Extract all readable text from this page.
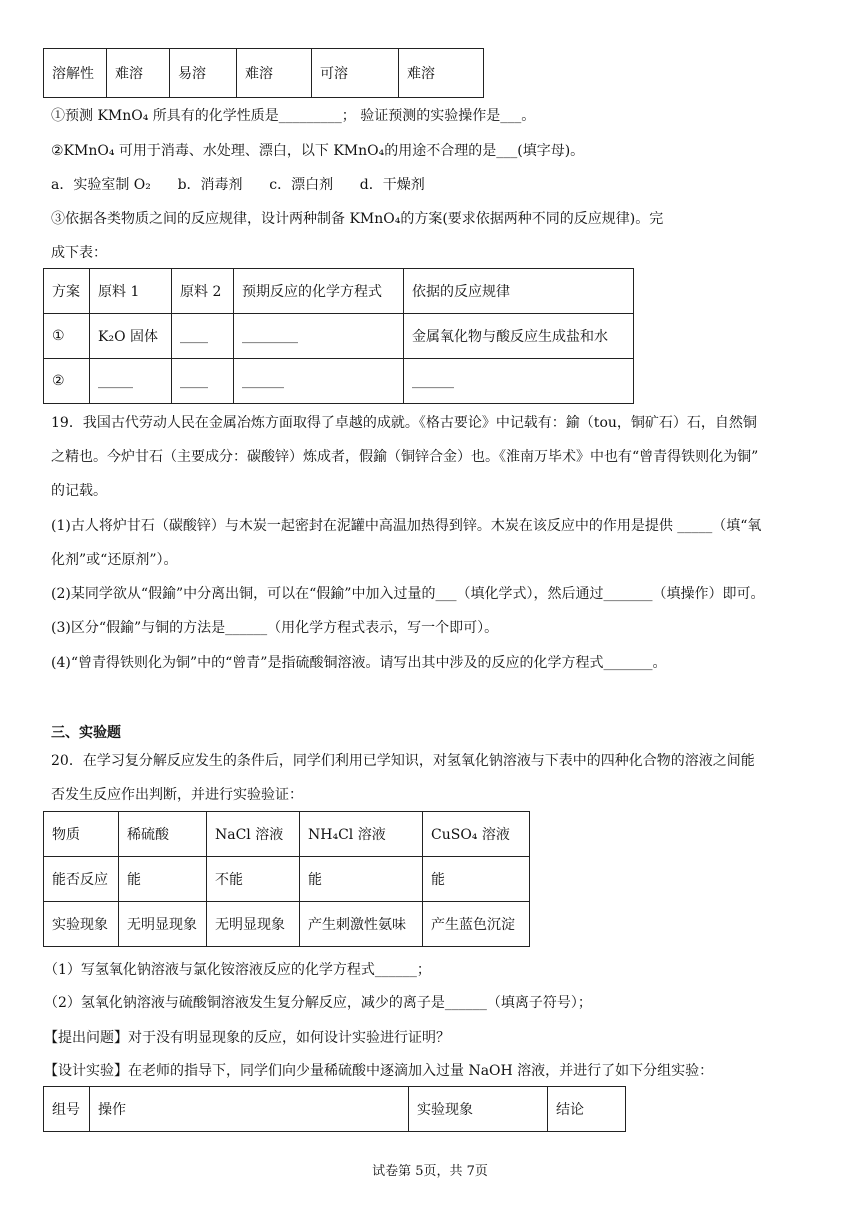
溶解性	难溶	易溶	难溶	可溶	难溶
①预测 KMnO₄ 所具有的化学性质是_________； 验证预测的实验操作是___。
②KMnO₄ 可用于消毒、水处理、漂白，以下 KMnO₄的用途不合理的是___(填字母)。
a．实验室制 O₂      b．消毒剂      c．漂白剂      d．干燥剂
③依据各类物质之间的反应规律，设计两种制备 KMnO₄的方案(要求依据两种不同的反应规律)。完
成下表：
方案	原料 1	原料 2	预期反应的化学方程式	依据的反应规律
①	K₂O 固体	____	________	金属氧化物与酸反应生成盐和水
②	_____	____	______	______
19．我国古代劳动人民在金属冶炼方面取得了卓越的成就。《格古要论》中记载有：鍮（tou，铜矿石）石，自然铜
之精也。今炉甘石（主要成分：碳酸锌）炼成者，假鍮（铜锌合金）也。《淮南万毕术》中也有“曾青得铁则化为铜”
的记载。
(1)古人将炉甘石（碳酸锌）与木炭一起密封在泥罐中高温加热得到锌。木炭在该反应中的作用是提供 _____（填“氧
化剂”或“还原剂”）。
(2)某同学欲从“假鍮”中分离出铜，可以在“假鍮”中加入过量的___（填化学式），然后通过_______（填操作）即可。
(3)区分“假鍮”与铜的方法是______（用化学方程式表示，写一个即可）。
(4)“曾青得铁则化为铜”中的“曾青”是指硫酸铜溶液。请写出其中涉及的反应的化学方程式_______。
三、实验题
20．在学习复分解反应发生的条件后，同学们利用已学知识，对氢氧化钠溶液与下表中的四种化合物的溶液之间能
否发生反应作出判断，并进行实验验证：
物质	稀硫酸	NaCl 溶液	NH₄Cl 溶液	CuSO₄ 溶液
能否反应	能	不能	能	能
实验现象	无明显现象	无明显现象	产生刺激性氨味	产生蓝色沉淀
（1）写氢氧化钠溶液与氯化铵溶液反应的化学方程式______；
（2）氢氧化钠溶液与硫酸铜溶液发生复分解反应，减少的离子是______（填离子符号）；
【提出问题】对于没有明显现象的反应，如何设计实验进行证明？
【设计实验】在老师的指导下，同学们向少量稀硫酸中逐滴加入过量 NaOH 溶液，并进行了如下分组实验：
组号	操作	实验现象	结论
试卷第 5页，共 7页
